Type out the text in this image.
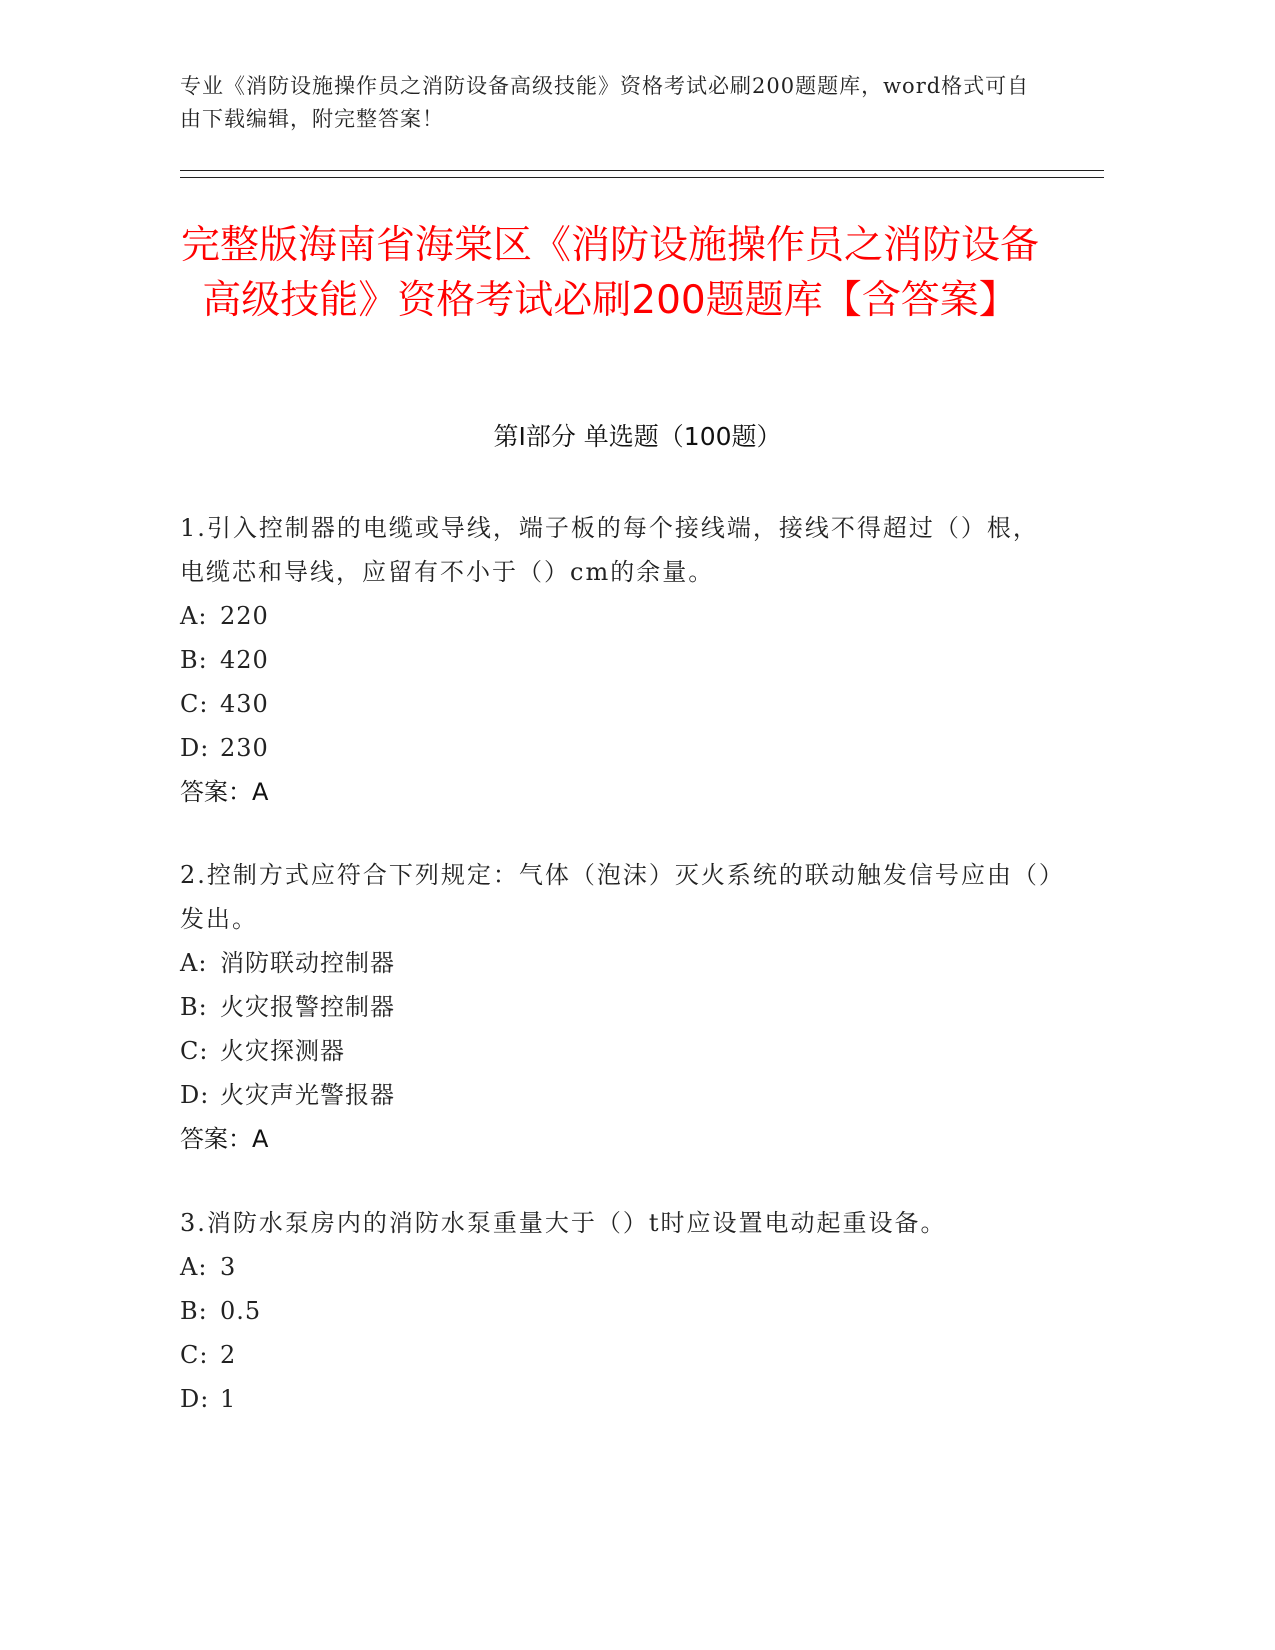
专业《消防设施操作员之消防设备高级技能》资格考试必刷200题题库，word格式可自由下载编辑，附完整答案！
完整版海南省海棠区《消防设施操作员之消防设备高级技能》资格考试必刷200题题库【含答案】
第Ⅰ部分 单选题（100题）

1.引入控制器的电缆或导线，端子板的每个接线端，接线不得超过（）根，电缆芯和导线，应留有不小于（）cm的余量。

A: 220

B: 420

C: 430

D: 230

答案：A

2.控制方式应符合下列规定：气体（泡沫）灭火系统的联动触发信号应由（）发出。

A: 消防联动控制器

B: 火灾报警控制器

C: 火灾探测器

D: 火灾声光警报器

答案：A

3.消防水泵房内的消防水泵重量大于（）t时应设置电动起重设备。

A: 3

B: 0.5

C: 2

D: 1
